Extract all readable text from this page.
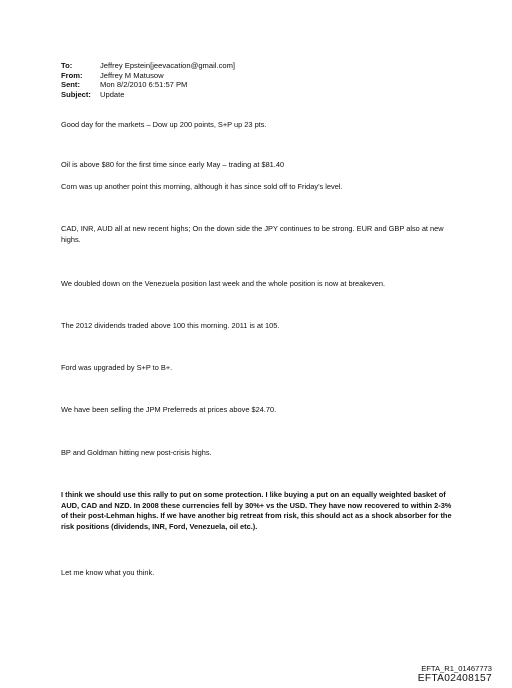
To:	Jeffrey Epstein[jeevacation@gmail.com]
From:	Jeffrey M Matusow
Sent:	Mon 8/2/2010 6:51:57 PM
Subject:	Update
Good day for the markets – Dow up 200 points, S+P up 23 pts.
Oil is above $80 for the first time since early May – trading at $81.40
Corn was up another point this morning, although it has since sold off to Friday’s level.
CAD, INR, AUD all at new recent highs; On the down side the JPY continues to be strong. EUR and GBP also at new highs.
We doubled down on the Venezuela position last week and the whole position is now at breakeven.
The 2012 dividends traded above 100 this morning. 2011 is at 105.
Ford was upgraded by S+P to B+.
We have been selling the JPM Preferreds at prices above $24.70.
BP and Goldman hitting new post-crisis highs.
I think we should use this rally to put on some protection. I like buying a put on an equally weighted basket of AUD, CAD and NZD. In 2008 these currencies fell by 30%+ vs the USD. They have now recovered to within 2-3% of their post-Lehman highs. If we have another big retreat from risk, this should act as a shock absorber for the risk positions (dividends, INR, Ford, Venezuela, oil etc.).
Let me know what you think.
EFTA_R1_01467773
EFTA02408157
